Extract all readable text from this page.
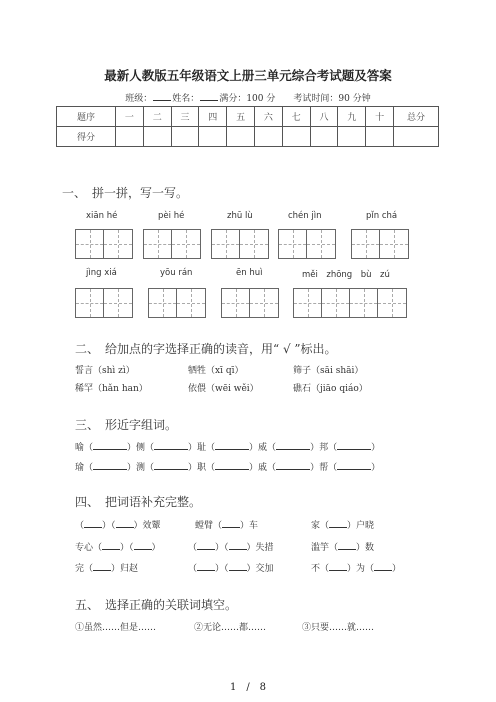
最新人教版五年级语文上册三单元综合考试题及答案
班级： 姓名： 满分：100 分　　 考试时间：90 分钟
题序	一	二	三	四	五	六	七	八	九	十	总分
得分											
一、　拼一拼，写一写。
xiān hé	pèi hé	zhū lù	chén jìn	pǐn chá
jìng xiá	yōu rán	ēn huì	měi　zhōng　bù　zú
二、　给加点的字选择正确的读音，用“ √ ”标出。
誓言（shì zì）	牺牲（xī qī）	筛子（sāi shāi）
稀罕（hǎn han）	依偎（wēi wěi）	礁石（jiāo qiáo）
三、　形近字组词。
喻（	）侧（	）耻（	）威（	）邦（	）
瑜（	）测（	）职（	）戚（	）帮（	）
四、　把词语补充完整。
（ ）（ ）效颦	螳臂（ ）车	家（ ）户晓
专心（ ）（ ）	（ ）（ ）失措	滥竽（ ）数
完（ ）归赵	（ ）（ ）交加	不（ ）为（ ）
五、　选择正确的关联词填空。
①虽然……但是……	②无论……都……	③只要……就……
1　/　8
